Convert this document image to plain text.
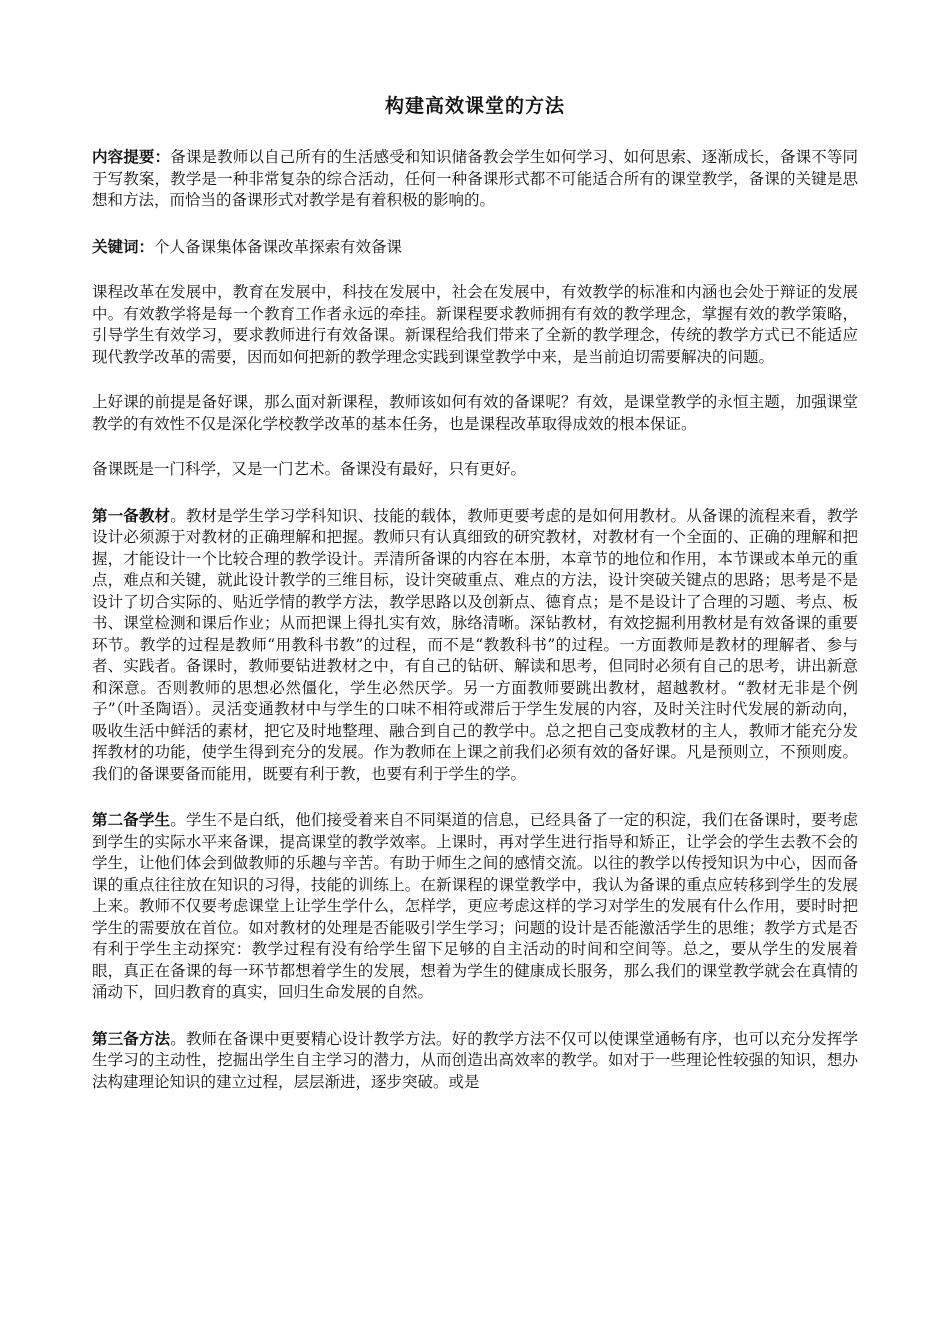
构建高效课堂的方法

内容提要：备课是教师以自己所有的生活感受和知识储备教会学生如何学习、如何思索、逐渐成长，备课不等同于写教案，教学是一种非常复杂的综合活动，任何一种备课形式都不可能适合所有的课堂教学，备课的关键是思想和方法，而恰当的备课形式对教学是有着积极的影响的。

关键词：个人备课集体备课改革探索有效备课

课程改革在发展中，教育在发展中，科技在发展中，社会在发展中，有效教学的标准和内涵也会处于辩证的发展中。有效教学将是每一个教育工作者永远的牵挂。新课程要求教师拥有有效的教学理念，掌握有效的教学策略，引导学生有效学习，要求教师进行有效备课。新课程给我们带来了全新的教学理念，传统的教学方式已不能适应现代教学改革的需要，因而如何把新的教学理念实践到课堂教学中来，是当前迫切需要解决的问题。

上好课的前提是备好课，那么面对新课程，教师该如何有效的备课呢？有效，是课堂教学的永恒主题，加强课堂教学的有效性不仅是深化学校教学改革的基本任务，也是课程改革取得成效的根本保证。

备课既是一门科学，又是一门艺术。备课没有最好，只有更好。

第一备教材。教材是学生学习学科知识、技能的载体，教师更要考虑的是如何用教材。从备课的流程来看，教学设计必须源于对教材的正确理解和把握。教师只有认真细致的研究教材，对教材有一个全面的、正确的理解和把握，才能设计一个比较合理的教学设计。弄清所备课的内容在本册，本章节的地位和作用，本节课或本单元的重点，难点和关键，就此设计教学的三维目标，设计突破重点、难点的方法，设计突破关键点的思路；思考是不是设计了切合实际的、贴近学情的教学方法，教学思路以及创新点、德育点；是不是设计了合理的习题、考点、板书、课堂检测和课后作业；从而把课上得扎实有效，脉络清晰。深钻教材，有效挖掘利用教材是有效备课的重要环节。教学的过程是教师“用教科书教”的过程，而不是“教教科书”的过程。一方面教师是教材的理解者、参与者、实践者。备课时，教师要钻进教材之中，有自己的钻研、解读和思考，但同时必须有自己的思考，讲出新意和深意。否则教师的思想必然僵化，学生必然厌学。另一方面教师要跳出教材，超越教材。“教材无非是个例子”（叶圣陶语）。灵活变通教材中与学生的口味不相符或滞后于学生发展的内容，及时关注时代发展的新动向，吸收生活中鲜活的素材，把它及时地整理、融合到自己的教学中。总之把自己变成教材的主人，教师才能充分发挥教材的功能，使学生得到充分的发展。作为教师在上课之前我们必须有效的备好课。凡是预则立，不预则废。我们的备课要备而能用，既要有利于教，也要有利于学生的学。

第二备学生。学生不是白纸，他们接受着来自不同渠道的信息，已经具备了一定的积淀，我们在备课时，要考虑到学生的实际水平来备课，提高课堂的教学效率。上课时，再对学生进行指导和矫正，让学会的学生去教不会的学生，让他们体会到做教师的乐趣与辛苦。有助于师生之间的感情交流。以往的教学以传授知识为中心，因而备课的重点往往放在知识的习得，技能的训练上。在新课程的课堂教学中，我认为备课的重点应转移到学生的发展上来。教师不仅要考虑课堂上让学生学什么，怎样学，更应考虑这样的学习对学生的发展有什么作用，要时时把学生的需要放在首位。如对教材的处理是否能吸引学生学习；问题的设计是否能激活学生的思维；教学方式是否有利于学生主动探究：教学过程有没有给学生留下足够的自主活动的时间和空间等。总之，要从学生的发展着眼，真正在备课的每一环节都想着学生的发展，想着为学生的健康成长服务，那么我们的课堂教学就会在真情的涌动下，回归教育的真实，回归生命发展的自然。

第三备方法。教师在备课中更要精心设计教学方法。好的教学方法不仅可以使课堂通畅有序，也可以充分发挥学生学习的主动性，挖掘出学生自主学习的潜力，从而创造出高效率的教学。如对于一些理论性较强的知识，想办法构建理论知识的建立过程，层层渐进，逐步突破。或是
